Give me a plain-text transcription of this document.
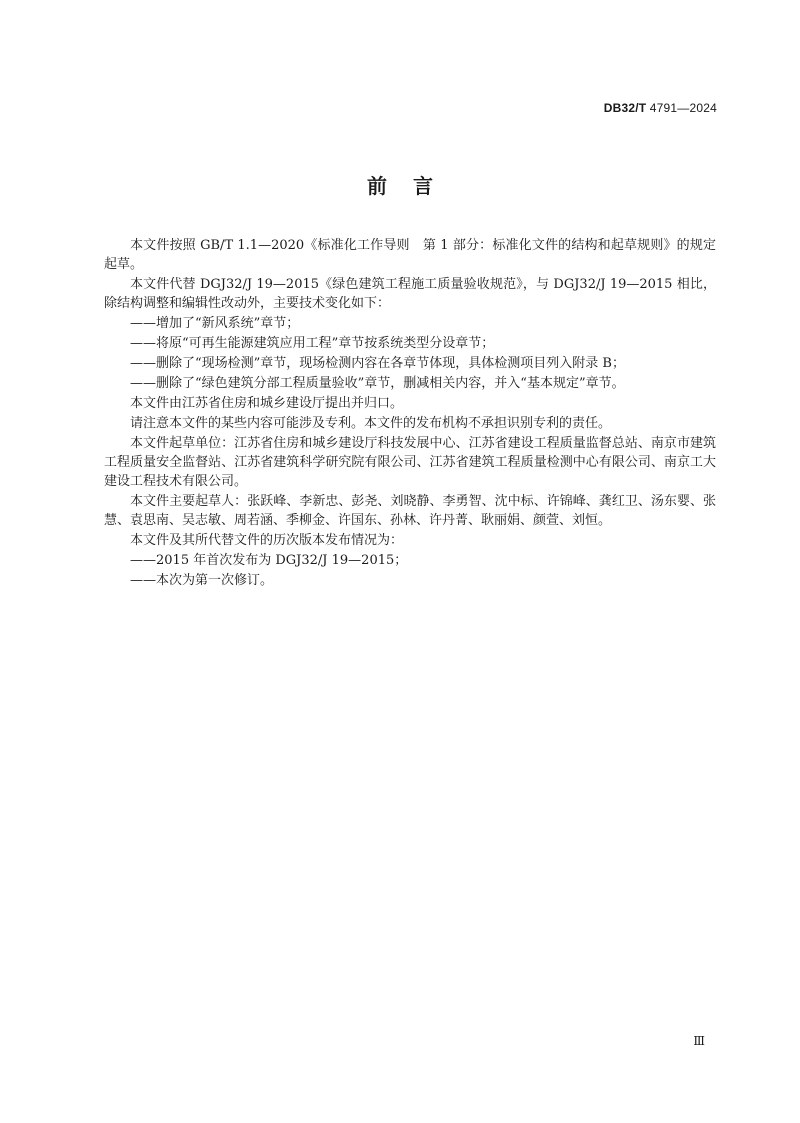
DB32/T 4791—2024
前言

本文件按照 GB/T 1.1—2020《标准化工作导则　第 1 部分：标准化文件的结构和起草规则》的规定起草。

本文件代替 DGJ32/J 19—2015《绿色建筑工程施工质量验收规范》，与 DGJ32/J 19—2015 相比，除结构调整和编辑性改动外，主要技术变化如下：

——增加了“新风系统”章节；

——将原“可再生能源建筑应用工程”章节按系统类型分设章节；

——删除了“现场检测”章节，现场检测内容在各章节体现，具体检测项目列入附录 B；

——删除了“绿色建筑分部工程质量验收”章节，删减相关内容，并入“基本规定”章节。

本文件由江苏省住房和城乡建设厅提出并归口。

请注意本文件的某些内容可能涉及专利。本文件的发布机构不承担识别专利的责任。

本文件起草单位：江苏省住房和城乡建设厅科技发展中心、江苏省建设工程质量监督总站、南京市建筑工程质量安全监督站、江苏省建筑科学研究院有限公司、江苏省建筑工程质量检测中心有限公司、南京工大建设工程技术有限公司。

本文件主要起草人：张跃峰、李新忠、彭尧、刘晓静、李勇智、沈中标、许锦峰、龚红卫、汤东婴、张慧、袁思南、吴志敏、周若涵、季柳金、许国东、孙林、许丹菁、耿丽娟、颜萱、刘恒。

本文件及其所代替文件的历次版本发布情况为：

——2015 年首次发布为 DGJ32/J 19—2015；

——本次为第一次修订。

Ⅲ
